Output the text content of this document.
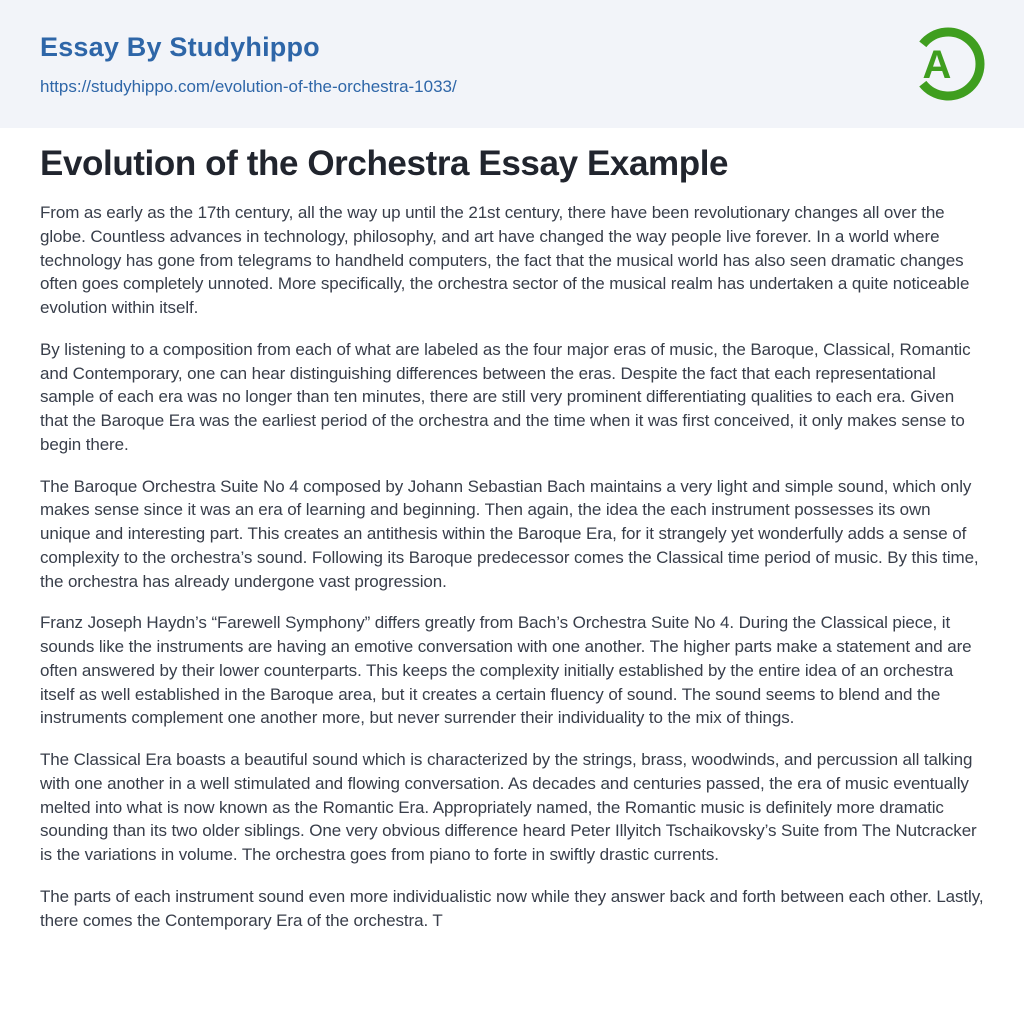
Essay By Studyhippo
https://studyhippo.com/evolution-of-the-orchestra-1033/	A
Evolution of the Orchestra Essay Example

From as early as the 17th century, all the way up until the 21st century, there have been revolutionary changes all over the globe. Countless advances in technology, philosophy, and art have changed the way people live forever. In a world where technology has gone from telegrams to handheld computers, the fact that the musical world has also seen dramatic changes often goes completely unnoted. More specifically, the orchestra sector of the musical realm has undertaken a quite noticeable evolution within itself.

By listening to a composition from each of what are labeled as the four major eras of music, the Baroque, Classical, Romantic and Contemporary, one can hear distinguishing differences between the eras. Despite the fact that each representational sample of each era was no longer than ten minutes, there are still very prominent differentiating qualities to each era. Given that the Baroque Era was the earliest period of the orchestra and the time when it was first conceived, it only makes sense to begin there.

The Baroque Orchestra Suite No 4 composed by Johann Sebastian Bach maintains a very light and simple sound, which only makes sense since it was an era of learning and beginning. Then again, the idea the each instrument possesses its own unique and interesting part. This creates an antithesis within the Baroque Era, for it strangely yet wonderfully adds a sense of complexity to the orchestra’s sound. Following its Baroque predecessor comes the Classical time period of music. By this time, the orchestra has already undergone vast progression.

Franz Joseph Haydn’s “Farewell Symphony” differs greatly from Bach’s Orchestra Suite No 4. During the Classical piece, it sounds like the instruments are having an emotive conversation with one another. The higher parts make a statement and are often answered by their lower counterparts. This keeps the complexity initially established by the entire idea of an orchestra itself as well established in the Baroque area, but it creates a certain fluency of sound. The sound seems to blend and the instruments complement one another more, but never surrender their individuality to the mix of things.

The Classical Era boasts a beautiful sound which is characterized by the strings, brass, woodwinds, and percussion all talking with one another in a well stimulated and flowing conversation. As decades and centuries passed, the era of music eventually melted into what is now known as the Romantic Era. Appropriately named, the Romantic music is definitely more dramatic sounding than its two older siblings. One very obvious difference heard Peter Illyitch Tschaikovsky’s Suite from The Nutcracker is the variations in volume. The orchestra goes from piano to forte in swiftly drastic currents.

The parts of each instrument sound even more individualistic now while they answer back and forth between each other. Lastly, there comes the Contemporary Era of the orchestra. T
